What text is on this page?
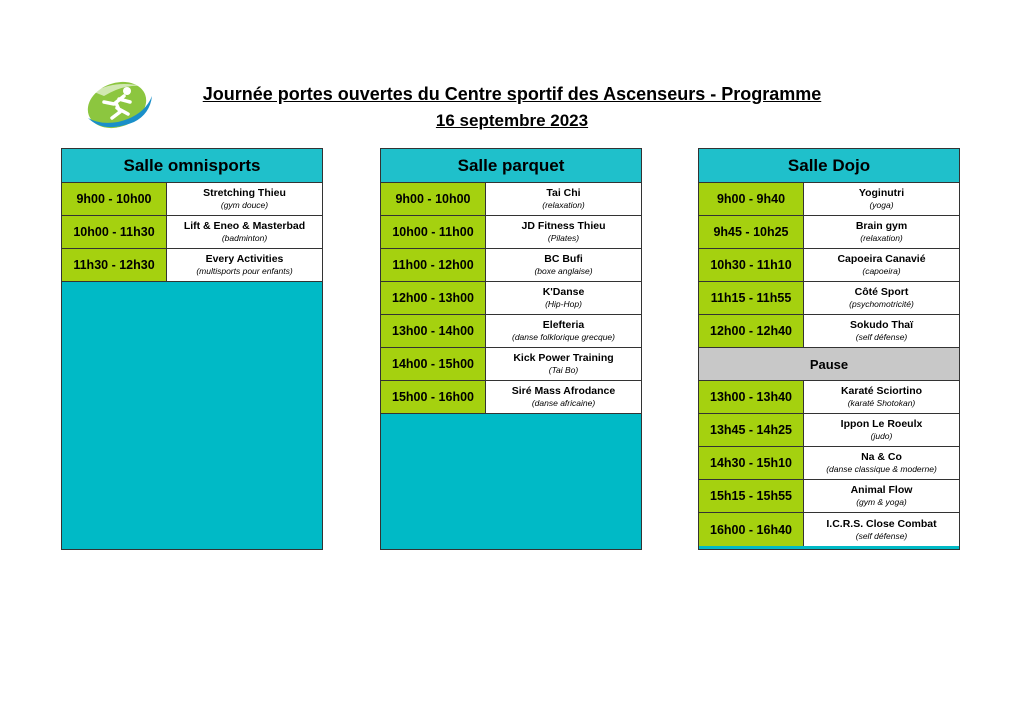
Journée portes ouvertes du Centre sportif des Ascenseurs - Programme
16 septembre 2023
Salle omnisports
9h00 - 10h00	Stretching Thieu
(gym douce)
10h00 - 11h30	Lift & Eneo & Masterbad
(badminton)
11h30 - 12h30	Every Activities
(multisports pour enfants)
Salle parquet
9h00 - 10h00	Tai Chi
(relaxation)
10h00 - 11h00	JD Fitness Thieu
(Pilates)
11h00 - 12h00	BC Bufi
(boxe anglaise)
12h00 - 13h00	K'Danse
(Hip-Hop)
13h00 - 14h00	Elefteria
(danse folklorique grecque)
14h00 - 15h00	Kick Power Training
(Tai Bo)
15h00 - 16h00	Siré Mass Afrodance
(danse africaine)
Salle Dojo
9h00 - 9h40	Yoginutri
(yoga)
9h45 - 10h25	Brain gym
(relaxation)
10h30 - 11h10	Capoeira Canavié
(capoeira)
11h15 - 11h55	Côté Sport
(psychomotricité)
12h00 - 12h40	Sokudo Thaï
(self défense)
Pause
13h00 - 13h40	Karaté Sciortino
(karaté Shotokan)
13h45 - 14h25	Ippon Le Roeulx
(judo)
14h30 - 15h10	Na & Co
(danse classique & moderne)
15h15 - 15h55	Animal Flow
(gym & yoga)
16h00 - 16h40	I.C.R.S. Close Combat
(self défense)
